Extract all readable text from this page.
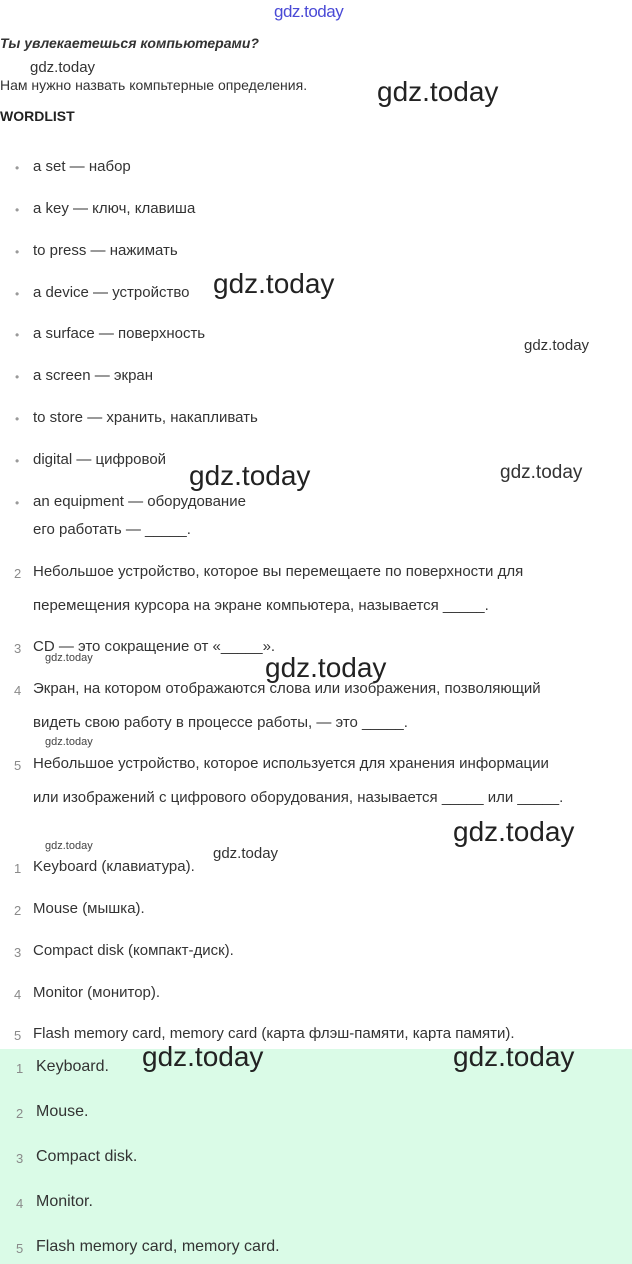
gdz.today
Ты увлекаетешься компьютерами?
Нам нужно назвать компьтерные определения.
WORDLIST
• a set — набор
• a key — ключ, клавиша
• to press — нажимать
• a device — устройство
• a surface — поверхность
• a screen — экран
• to store — хранить, накапливать
• digital — цифровой
• an equipment — оборудование
его работать — _____.
2 Небольшое устройство, которое вы перемещаете по поверхности для
перемещения курсора на экране компьютера, называется _____.
3 CD — это сокращение от «_____».
4 Экран, на котором отображаются слова или изображения, позволяющий
видеть свою работу в процессе работы, — это _____.
5 Небольшое устройство, которое используется для хранения информации
или изображений с цифрового оборудования, называется _____ или _____.
1 Keyboard (клавиатура).
2 Mouse (мышка).
3 Compact disk (компакт-диск).
4 Monitor (монитор).
5 Flash memory card, memory card (карта флэш-памяти, карта памяти).
1 Keyboard.
2 Mouse.
3 Compact disk.
4 Monitor.
5 Flash memory card, memory card.
gdz.today
gdz.today
gdz.today
gdz.today
gdz.today	gdz.today
gdz.today	gdz.today
gdz.today
gdz.today	gdz.today
gdz.today
gdz.today	gdz.today
